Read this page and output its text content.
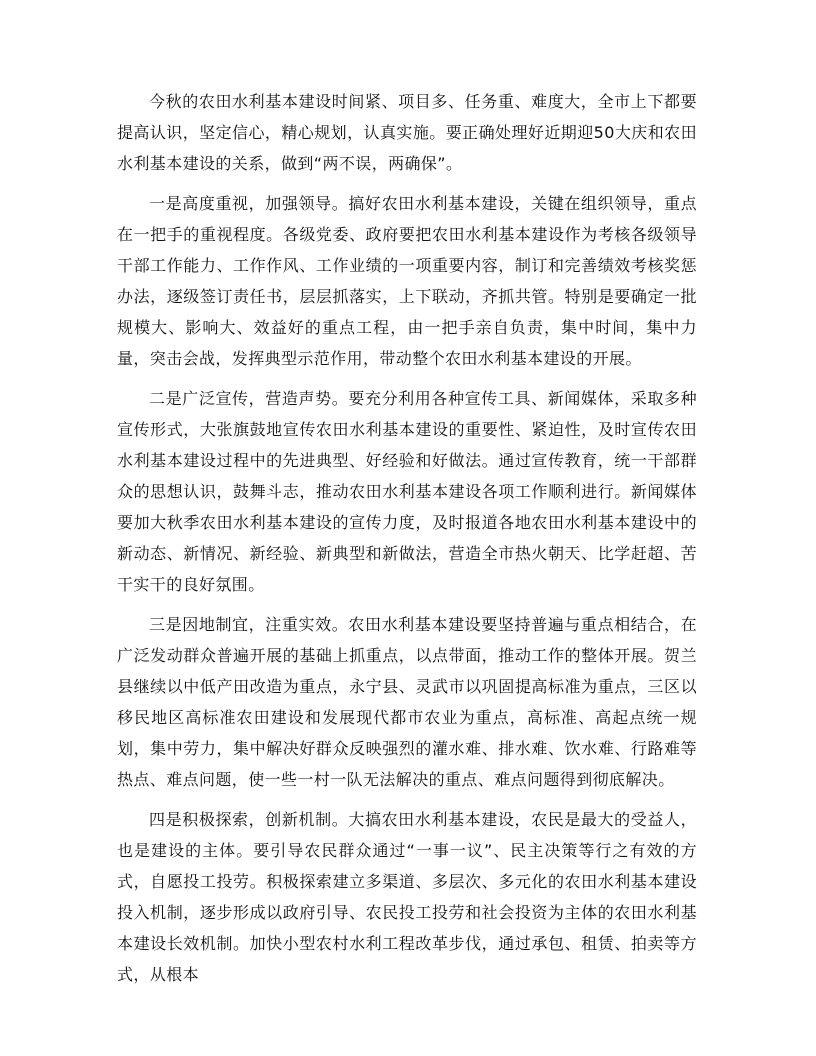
今秋的农田水利基本建设时间紧、项目多、任务重、难度大，全市上下都要提高认识，坚定信心，精心规划，认真实施。要正确处理好近期迎50大庆和农田水利基本建设的关系，做到“两不误，两确保”。

一是高度重视，加强领导。搞好农田水利基本建设，关键在组织领导，重点在一把手的重视程度。各级党委、政府要把农田水利基本建设作为考核各级领导干部工作能力、工作作风、工作业绩的一项重要内容，制订和完善绩效考核奖惩办法，逐级签订责任书，层层抓落实，上下联动，齐抓共管。特别是要确定一批规模大、影响大、效益好的重点工程，由一把手亲自负责，集中时间，集中力量，突击会战，发挥典型示范作用，带动整个农田水利基本建设的开展。

二是广泛宣传，营造声势。要充分利用各种宣传工具、新闻媒体，采取多种宣传形式，大张旗鼓地宣传农田水利基本建设的重要性、紧迫性，及时宣传农田水利基本建设过程中的先进典型、好经验和好做法。通过宣传教育，统一干部群众的思想认识，鼓舞斗志，推动农田水利基本建设各项工作顺利进行。新闻媒体要加大秋季农田水利基本建设的宣传力度，及时报道各地农田水利基本建设中的新动态、新情况、新经验、新典型和新做法，营造全市热火朝天、比学赶超、苦干实干的良好氛围。

三是因地制宜，注重实效。农田水利基本建设要坚持普遍与重点相结合，在广泛发动群众普遍开展的基础上抓重点，以点带面，推动工作的整体开展。贺兰县继续以中低产田改造为重点，永宁县、灵武市以巩固提高标准为重点，三区以移民地区高标准农田建设和发展现代都市农业为重点，高标准、高起点统一规划，集中劳力，集中解决好群众反映强烈的灌水难、排水难、饮水难、行路难等热点、难点问题，使一些一村一队无法解决的重点、难点问题得到彻底解决。

四是积极探索，创新机制。大搞农田水利基本建设，农民是最大的受益人，也是建设的主体。要引导农民群众通过“一事一议”、民主决策等行之有效的方式，自愿投工投劳。积极探索建立多渠道、多层次、多元化的农田水利基本建设投入机制，逐步形成以政府引导、农民投工投劳和社会投资为主体的农田水利基本建设长效机制。加快小型农村水利工程改革步伐，通过承包、租赁、拍卖等方式，从根本
